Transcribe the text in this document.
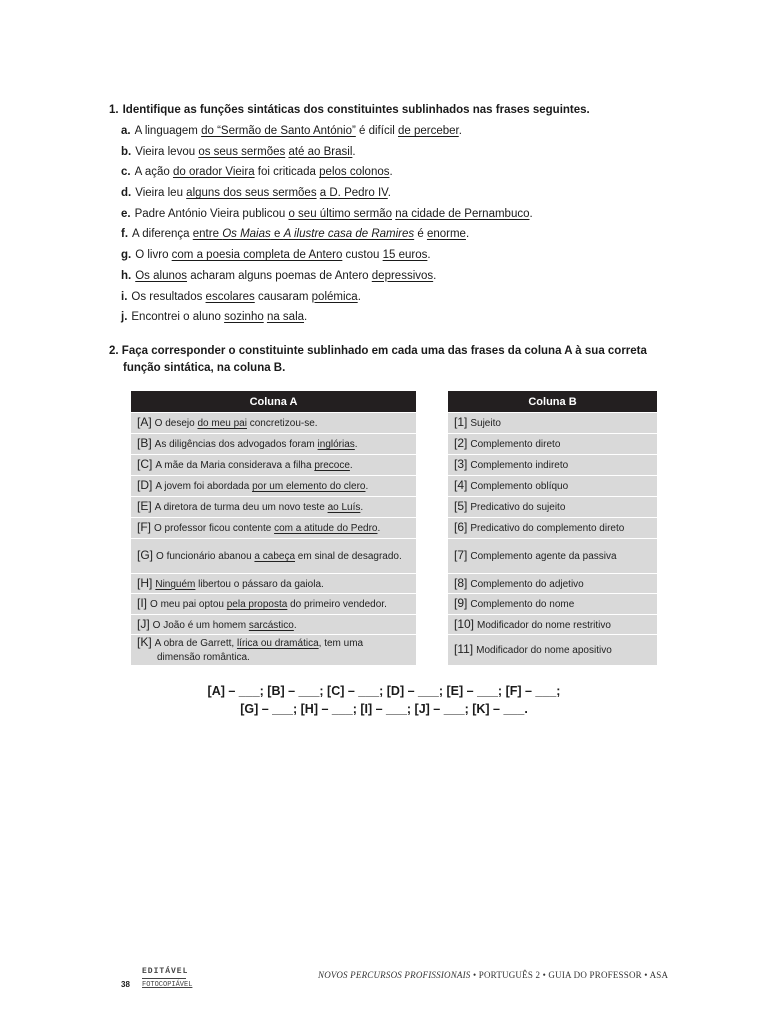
1. Identifique as funções sintáticas dos constituintes sublinhados nas frases seguintes.
a. A linguagem do “Sermão de Santo António” é difícil de perceber.
b. Vieira levou os seus sermões até ao Brasil.
c. A ação do orador Vieira foi criticada pelos colonos.
d. Vieira leu alguns dos seus sermões a D. Pedro IV.
e. Padre António Vieira publicou o seu último sermão na cidade de Pernambuco.
f. A diferença entre Os Maias e A ilustre casa de Ramires é enorme.
g. O livro com a poesia completa de Antero custou 15 euros.
h. Os alunos acharam alguns poemas de Antero depressivos.
i. Os resultados escolares causaram polémica.
j. Encontrei o aluno sozinho na sala.
2. Faça corresponder o constituinte sublinhado em cada uma das frases da coluna A à sua correta
função sintática, na coluna B.
Coluna A
[A] O desejo do meu pai concretizou-se.
[B] As diligências dos advogados foram inglórias.
[C] A mãe da Maria considerava a filha precoce.
[D] A jovem foi abordada por um elemento do clero.
[E] A diretora de turma deu um novo teste ao Luís.
[F] O professor ficou contente com a atitude do Pedro.
[G] O funcionário abanou a cabeça em sinal de desagrado.
[H] Ninguém libertou o pássaro da gaiola.
[I] O meu pai optou pela proposta do primeiro vendedor.
[J] O João é um homem sarcástico.
[K] A obra de Garrett, lírica ou dramática, tem uma
dimensão romântica.
Coluna B
[1] Sujeito
[2] Complemento direto
[3] Complemento indireto
[4] Complemento oblíquo
[5] Predicativo do sujeito
[6] Predicativo do complemento direto
[7] Complemento agente da passiva
[8] Complemento do adjetivo
[9] Complemento do nome
[10] Modificador do nome restritivo
[11] Modificador do nome apositivo
[A] – ___; [B] – ___; [C] – ___; [D] – ___; [E] – ___; [F] – ___;
[G] – ___; [H] – ___; [I] – ___; [J] – ___; [K] – ___.
38
EDITÁVEL
FOTOCOPIÁVEL
NOVOS PERCURSOS PROFISSIONAIS • PORTUGUÊS 2 • GUIA DO PROFESSOR • ASA
